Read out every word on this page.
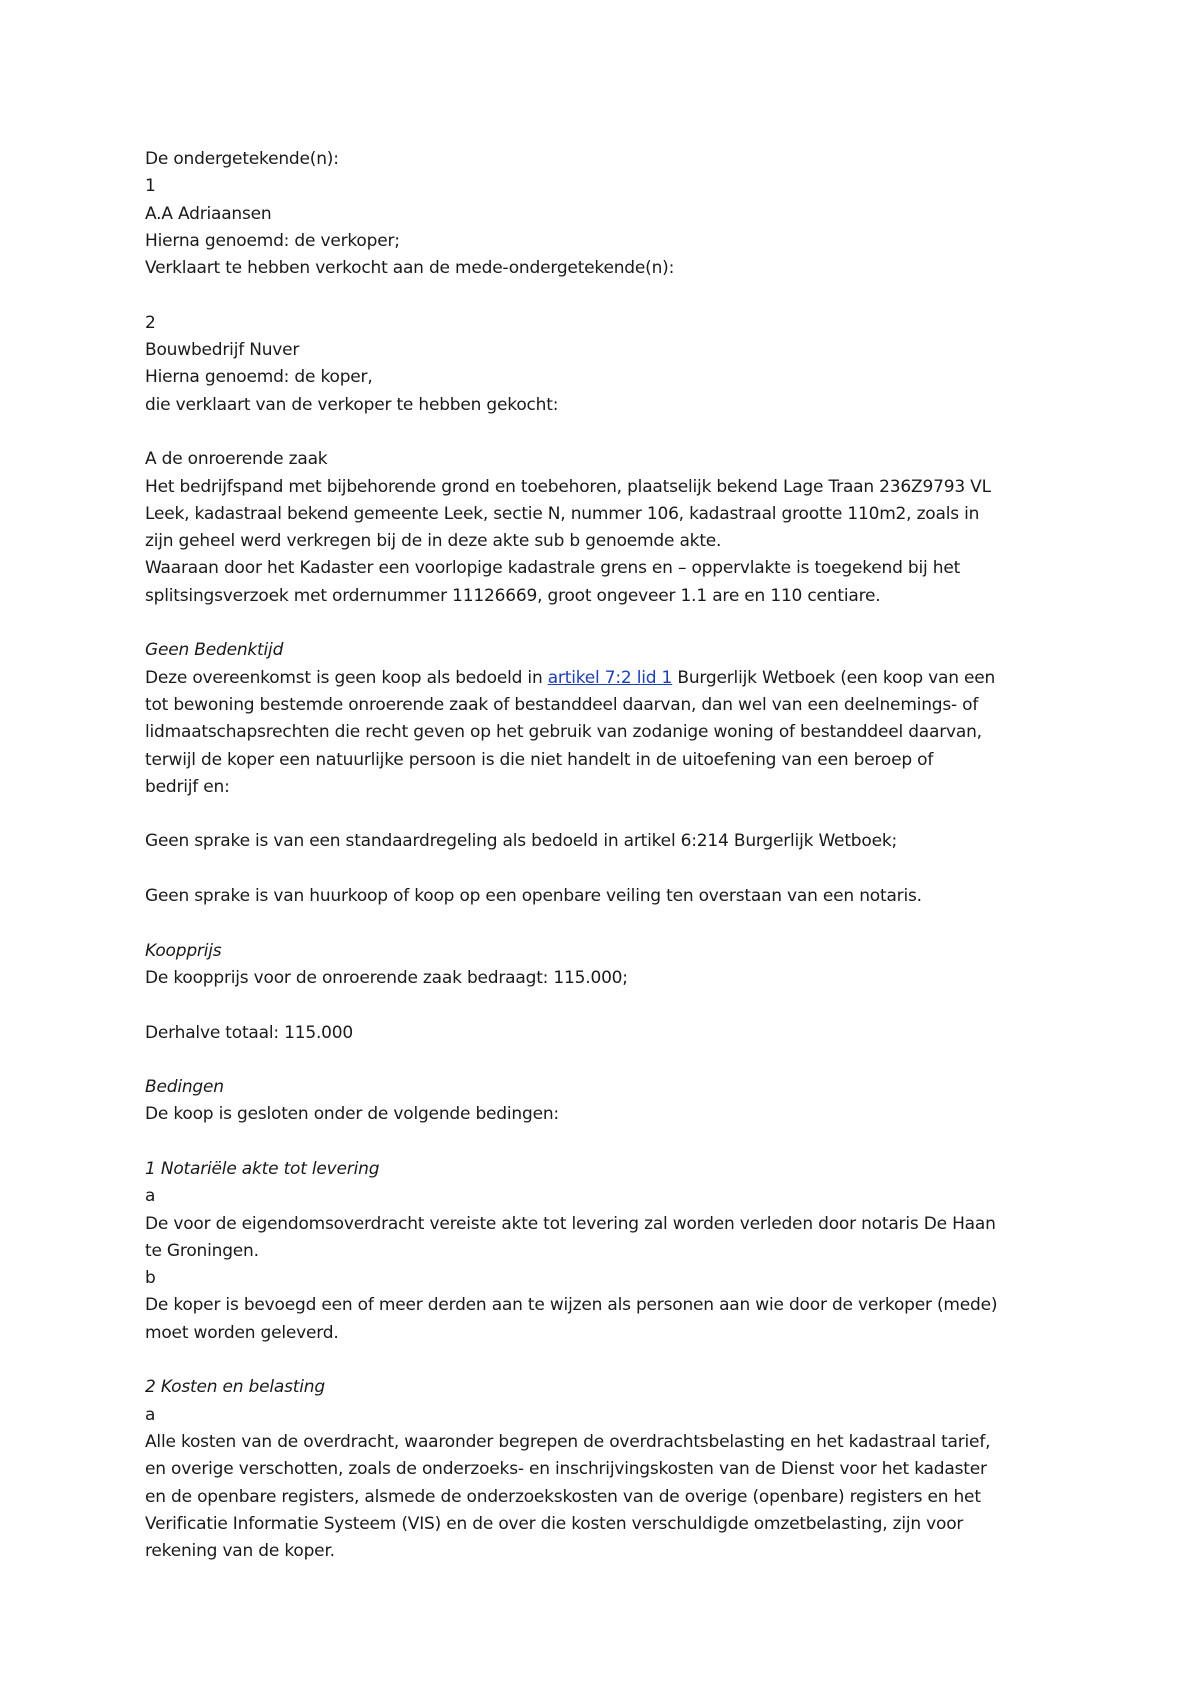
De ondergetekende(n):
1
A.A Adriaansen
Hierna genoemd: de verkoper;
Verklaart te hebben verkocht aan de mede-ondergetekende(n):
2
Bouwbedrijf Nuver
Hierna genoemd: de koper,
die verklaart van de verkoper te hebben gekocht:
A de onroerende zaak
Het bedrijfspand met bijbehorende grond en toebehoren, plaatselijk bekend Lage Traan 236Z9793 VL
Leek, kadastraal bekend gemeente Leek, sectie N, nummer 106, kadastraal grootte 110m2, zoals in
zijn geheel werd verkregen bij de in deze akte sub b genoemde akte.
Waaraan door het Kadaster een voorlopige kadastrale grens en – oppervlakte is toegekend bij het
splitsingsverzoek met ordernummer 11126669, groot ongeveer 1.1 are en 110 centiare.
Geen Bedenktijd
Deze overeenkomst is geen koop als bedoeld in artikel 7:2 lid 1 Burgerlijk Wetboek (een koop van een
tot bewoning bestemde onroerende zaak of bestanddeel daarvan, dan wel van een deelnemings- of
lidmaatschapsrechten die recht geven op het gebruik van zodanige woning of bestanddeel daarvan,
terwijl de koper een natuurlijke persoon is die niet handelt in de uitoefening van een beroep of
bedrijf en:
Geen sprake is van een standaardregeling als bedoeld in artikel 6:214 Burgerlijk Wetboek;
Geen sprake is van huurkoop of koop op een openbare veiling ten overstaan van een notaris.
Koopprijs
De koopprijs voor de onroerende zaak bedraagt: 115.000;
Derhalve totaal: 115.000
Bedingen
De koop is gesloten onder de volgende bedingen:
1 Notariële akte tot levering
a
De voor de eigendomsoverdracht vereiste akte tot levering zal worden verleden door notaris De Haan
te Groningen.
b
De koper is bevoegd een of meer derden aan te wijzen als personen aan wie door de verkoper (mede)
moet worden geleverd.
2 Kosten en belasting
a
Alle kosten van de overdracht, waaronder begrepen de overdrachtsbelasting en het kadastraal tarief,
en overige verschotten, zoals de onderzoeks- en inschrijvingskosten van de Dienst voor het kadaster
en de openbare registers, alsmede de onderzoekskosten van de overige (openbare) registers en het
Verificatie Informatie Systeem (VIS) en de over die kosten verschuldigde omzetbelasting, zijn voor
rekening van de koper.
